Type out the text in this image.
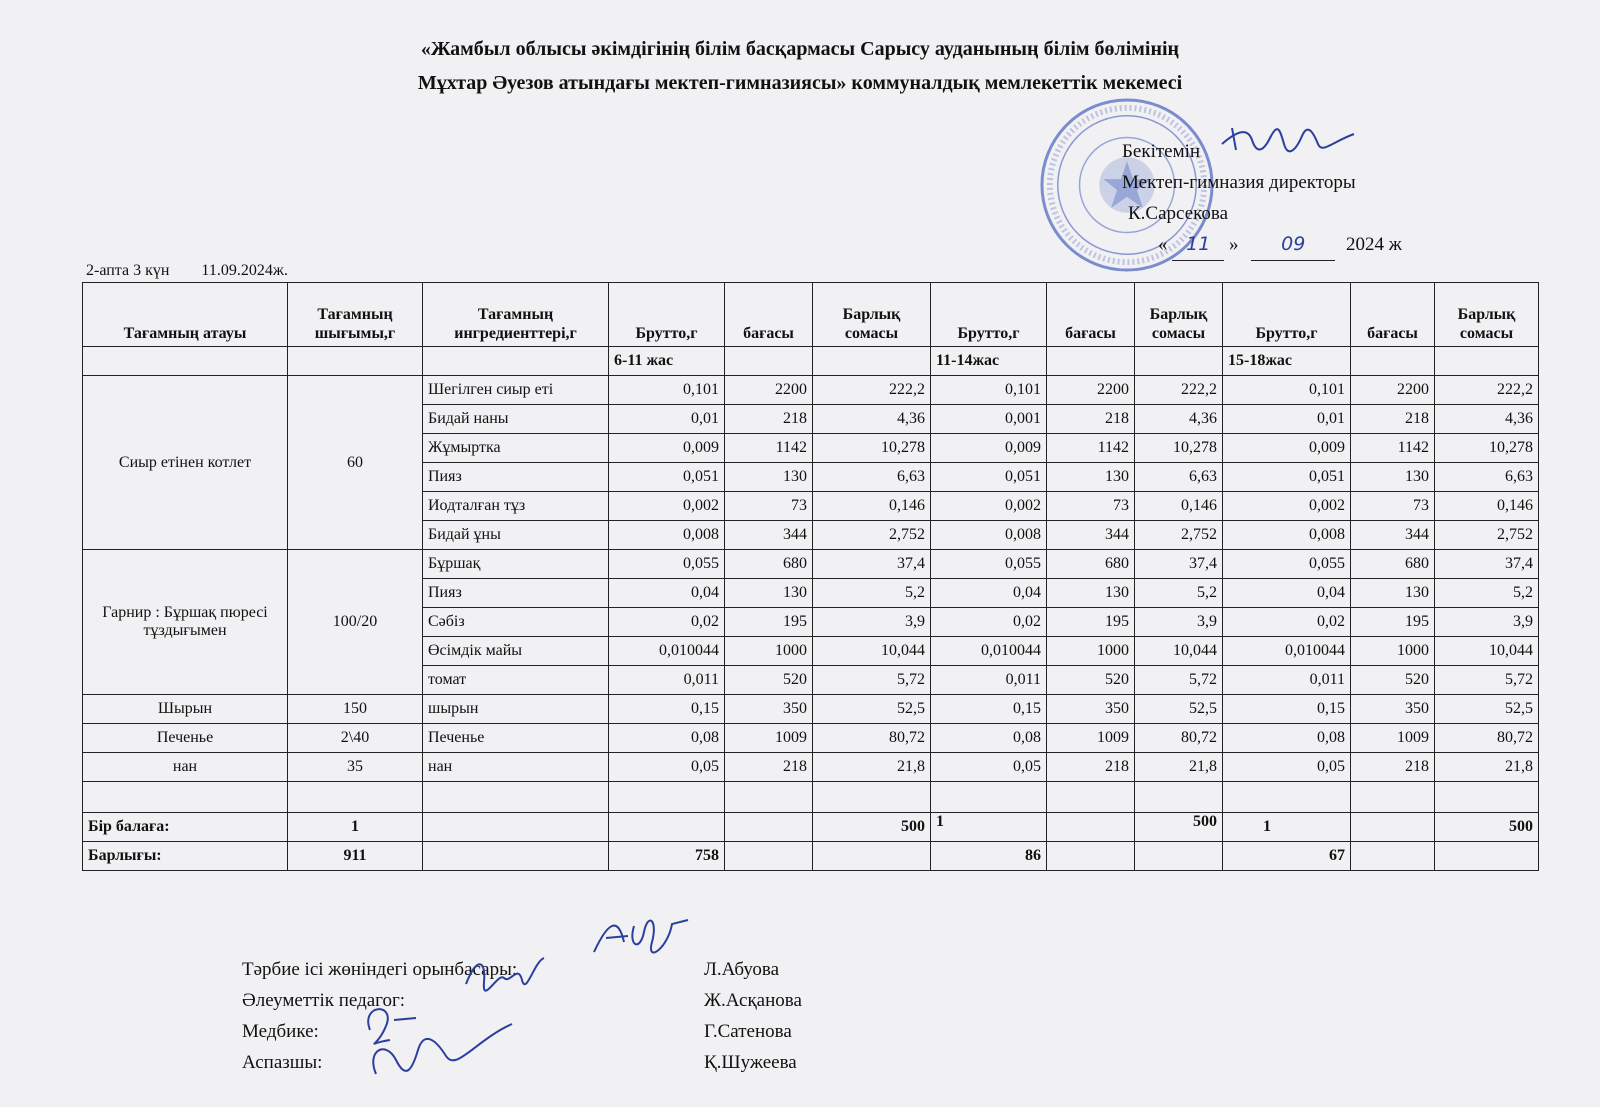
«Жамбыл облысы әкімдігінің білім басқармасы Сарысу ауданының білім бөлімінің
Мұхтар Әуезов атындағы мектеп-гимназиясы» коммуналдық мемлекеттік мекемесі
Бекітемін
Мектеп-гимназия директоры
К.Сарсекова
« 11 » 09 2024 ж
2-апта 3 күн 11.09.2024ж.
Тағамның атауы	Тағамның шығымы,г	Тағамның ингредиенттері,г	Брутто,г	бағасы	Барлық сомасы	Брутто,г	бағасы	Барлық сомасы	Брутто,г	бағасы	Барлық сомасы
			6-11 жас			11-14жас			15-18жас		
Сиыр етінен котлет	60	Шегілген сиыр еті	0,101	2200	222,2	0,101	2200	222,2	0,101	2200	222,2
		Бидай наны	0,01	218	4,36	0,001	218	4,36	0,01	218	4,36
		Жұмыртка	0,009	1142	10,278	0,009	1142	10,278	0,009	1142	10,278
		Пияз	0,051	130	6,63	0,051	130	6,63	0,051	130	6,63
		Иодталған тұз	0,002	73	0,146	0,002	73	0,146	0,002	73	0,146
		Бидай ұны	0,008	344	2,752	0,008	344	2,752	0,008	344	2,752
Гарнир : Бұршақ пюресі тұздығымен	100/20	Бұршақ	0,055	680	37,4	0,055	680	37,4	0,055	680	37,4
		Пияз	0,04	130	5,2	0,04	130	5,2	0,04	130	5,2
		Сәбіз	0,02	195	3,9	0,02	195	3,9	0,02	195	3,9
		Өсімдік майы	0,010044	1000	10,044	0,010044	1000	10,044	0,010044	1000	10,044
		томат	0,011	520	5,72	0,011	520	5,72	0,011	520	5,72
Шырын	150	шырын	0,15	350	52,5	0,15	350	52,5	0,15	350	52,5
Печенье	2\40	Печенье	0,08	1009	80,72	0,08	1009	80,72	0,08	1009	80,72
нан	35	нан	0,05	218	21,8	0,05	218	21,8	0,05	218	21,8

Бір балаға:	1				500	1		500	1		500
Барлығы:	911		758			86			67		
Тәрбие ісі жөніндегі орынбасары:	Л.Абуова
Әлеуметтік педагог:	Ж.Асқанова
Медбике:	Г.Сатенова
Аспазшы:	Қ.Шужеева
